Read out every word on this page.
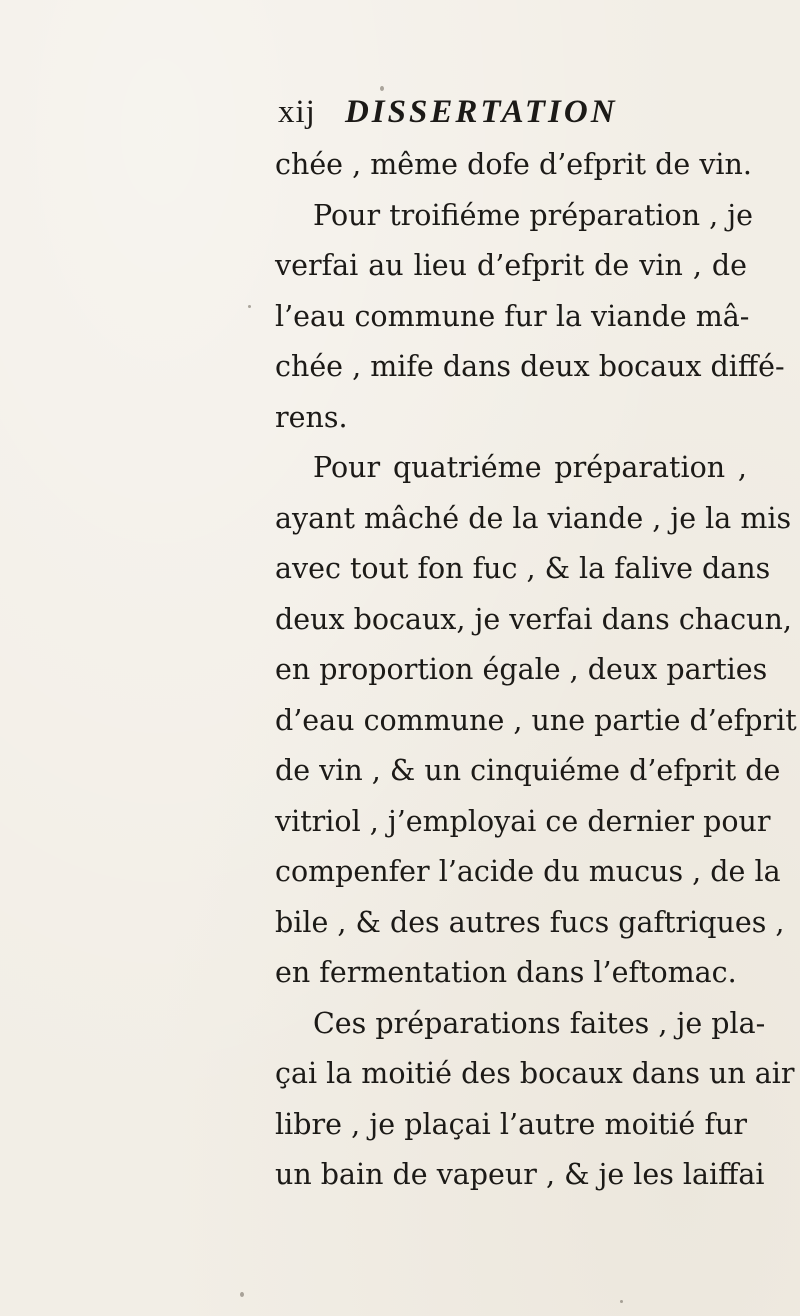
xij DISSERTATION
chée , même dofe d’efprit de vin.
Pour troifiéme préparation , je
verfai au lieu d’efprit de vin , de
l’eau commune fur la viande mâ-
chée , mife dans deux bocaux diffé-
rens.
Pour quatriéme préparation ,
ayant mâché de la viande , je la mis
avec tout fon fuc , & la falive dans
deux bocaux, je verfai dans chacun,
en proportion égale , deux parties
d’eau commune , une partie d’efprit
de vin , & un cinquiéme d’efprit de
vitriol , j’employai ce dernier pour
compenfer l’acide du mucus , de la
bile , & des autres fucs gaftriques ,
en fermentation dans l’eftomac.
Ces préparations faites , je pla-
çai la moitié des bocaux dans un air
libre , je plaçai l’autre moitié fur
un bain de vapeur , & je les laiffai
